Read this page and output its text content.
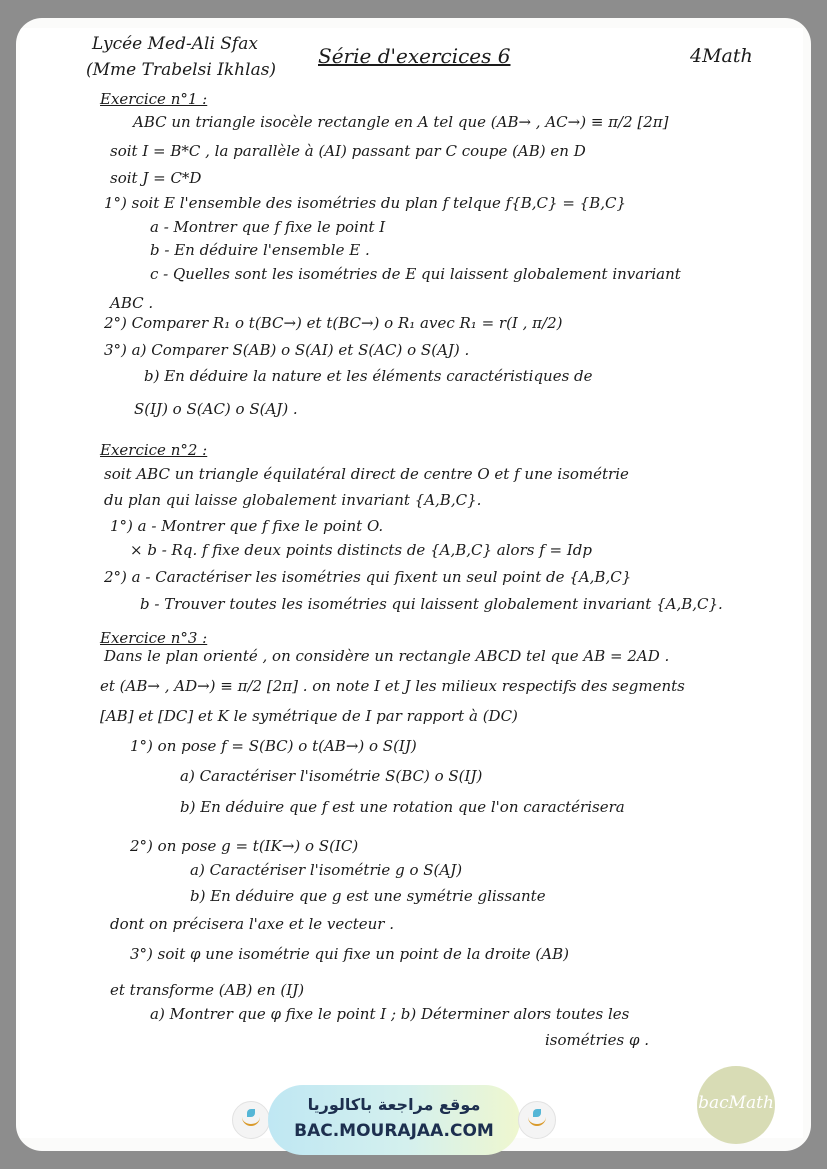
Lycée Med-Ali Sfax
(Mme Trabelsi Ikhlas)
Série d'exercices 6	4Math
Exercice n°1 :
ABC un triangle isocèle rectangle en A tel que (AB→ , AC→) ≡ π/2 [2π]
soit I = B*C , la parallèle à (AI) passant par C coupe (AB) en D
soit J = C*D
1°) soit E l'ensemble des isométries du plan f telque f{B,C} = {B,C}
a - Montrer que f fixe le point I
b - En déduire l'ensemble E .
c - Quelles sont les isométries de E qui laissent globalement invariant
ABC .
2°) Comparer R₁ o t(BC→) et t(BC→) o R₁ avec R₁ = r(I , π/2)
3°) a) Comparer S(AB) o S(AI) et S(AC) o S(AJ) .
b) En déduire la nature et les éléments caractéristiques de
S(IJ) o S(AC) o S(AJ) .
Exercice n°2 :
soit ABC un triangle équilatéral direct de centre O et f une isométrie
du plan qui laisse globalement invariant {A,B,C}.
1°) a - Montrer que f fixe le point O.
× b - Rq. f fixe deux points distincts de {A,B,C} alors f = Idp
2°) a - Caractériser les isométries qui fixent un seul point de {A,B,C}
b - Trouver toutes les isométries qui laissent globalement invariant {A,B,C}.
Exercice n°3 :
Dans le plan orienté , on considère un rectangle ABCD tel que AB = 2AD .
et (AB→ , AD→) ≡ π/2 [2π] . on note I et J les milieux respectifs des segments
[AB] et [DC] et K le symétrique de I par rapport à (DC)
1°) on pose f = S(BC) o t(AB→) o S(IJ)
a) Caractériser l'isométrie S(BC) o S(IJ)
b) En déduire que f est une rotation que l'on caractérisera
2°) on pose g = t(IK→) o S(IC)
a) Caractériser l'isométrie g o S(AJ)
b) En déduire que g est une symétrie glissante
dont on précisera l'axe et le vecteur .
3°) soit φ une isométrie qui fixe un point de la droite (AB)
et transforme (AB) en (IJ)
a) Montrer que φ fixe le point I ; b) Déterminer alors toutes les
isométries φ .
موقع مراجعة باكالوريا
BAC.MOURAJAA.COM
bacMath
